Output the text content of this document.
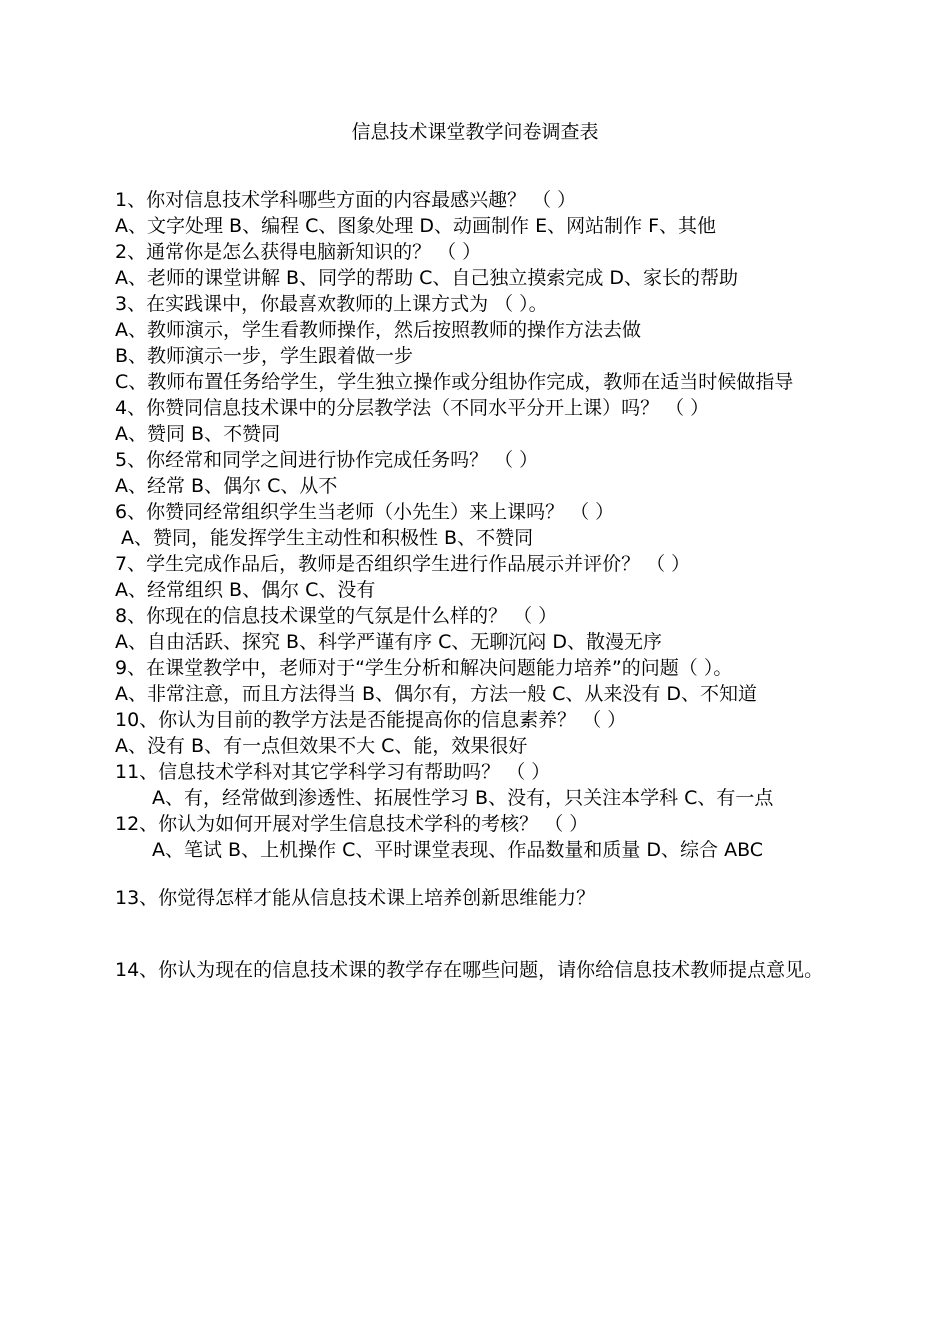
信息技术课堂教学问卷调查表
1、你对信息技术学科哪些方面的内容最感兴趣？ （ ）
A、文字处理 B、编程 C、图象处理 D、动画制作 E、网站制作 F、其他
2、通常你是怎么获得电脑新知识的？ （ ）
A、老师的课堂讲解 B、同学的帮助 C、自己独立摸索完成 D、家长的帮助
3、在实践课中，你最喜欢教师的上课方式为 （ ）。
A、教师演示，学生看教师操作，然后按照教师的操作方法去做
B、教师演示一步，学生跟着做一步
C、教师布置任务给学生，学生独立操作或分组协作完成，教师在适当时候做指导
4、你赞同信息技术课中的分层教学法（不同水平分开上课）吗？ （ ）
A、赞同 B、不赞同
5、你经常和同学之间进行协作完成任务吗？ （ ）
A、经常 B、偶尔 C、从不
6、你赞同经常组织学生当老师（小先生）来上课吗？ （ ）
A、赞同，能发挥学生主动性和积极性 B、不赞同
7、学生完成作品后，教师是否组织学生进行作品展示并评价？ （ ）
A、经常组织 B、偶尔 C、没有
8、你现在的信息技术课堂的气氛是什么样的？ （ ）
A、自由活跃、探究 B、科学严谨有序 C、无聊沉闷 D、散漫无序
9、在课堂教学中，老师对于“学生分析和解决问题能力培养”的问题（ ）。
A、非常注意，而且方法得当 B、偶尔有，方法一般 C、从来没有 D、不知道
10、你认为目前的教学方法是否能提高你的信息素养？ （ ）
A、没有 B、有一点但效果不大 C、能，效果很好
11、信息技术学科对其它学科学习有帮助吗？ （ ）
A、有，经常做到渗透性、拓展性学习 B、没有，只关注本学科 C、有一点
12、你认为如何开展对学生信息技术学科的考核？ （ ）
A、笔试 B、上机操作 C、平时课堂表现、作品数量和质量 D、综合 ABC
13、你觉得怎样才能从信息技术课上培养创新思维能力？
14、你认为现在的信息技术课的教学存在哪些问题，请你给信息技术教师提点意见。
